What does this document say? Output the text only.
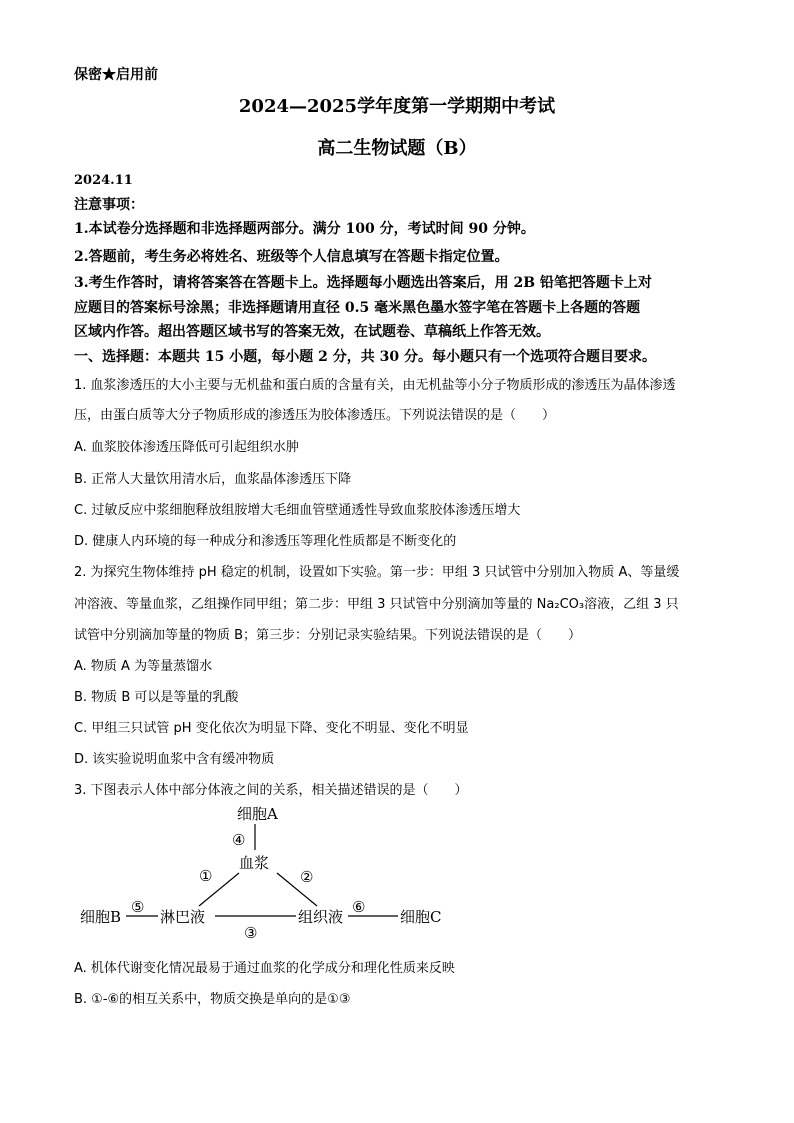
保密★启用前
2024—2025学年度第一学期期中考试
高二生物试题（B）
2024.11
注意事项：
1.本试卷分选择题和非选择题两部分。满分 100 分，考试时间 90 分钟。
2.答题前，考生务必将姓名、班级等个人信息填写在答题卡指定位置。
3.考生作答时，请将答案答在答题卡上。选择题每小题选出答案后，用 2B 铅笔把答题卡上对
应题目的答案标号涂黑；非选择题请用直径 0.5 毫米黑色墨水签字笔在答题卡上各题的答题
区域内作答。超出答题区域书写的答案无效，在试题卷、草稿纸上作答无效。
一、选择题：本题共 15 小题，每小题 2 分，共 30 分。每小题只有一个选项符合题目要求。
1. 血浆渗透压的大小主要与无机盐和蛋白质的含量有关，由无机盐等小分子物质形成的渗透压为晶体渗透
压，由蛋白质等大分子物质形成的渗透压为胶体渗透压。下列说法错误的是（　　）
A. 血浆胶体渗透压降低可引起组织水肿
B. 正常人大量饮用清水后，血浆晶体渗透压下降
C. 过敏反应中浆细胞释放组胺增大毛细血管壁通透性导致血浆胶体渗透压增大
D. 健康人内环境的每一种成分和渗透压等理化性质都是不断变化的
2. 为探究生物体维持 pH 稳定的机制，设置如下实验。第一步：甲组 3 只试管中分别加入物质 A、等量缓
冲溶液、等量血浆，乙组操作同甲组；第二步：甲组 3 只试管中分别滴加等量的 Na₂CO₃溶液，乙组 3 只
试管中分别滴加等量的物质 B；第三步：分别记录实验结果。下列说法错误的是（　　）
A. 物质 A 为等量蒸馏水
B. 物质 B 可以是等量的乳酸
C. 甲组三只试管 pH 变化依次为明显下降、变化不明显、变化不明显
D. 该实验说明血浆中含有缓冲物质
3. 下图表示人体中部分体液之间的关系，相关描述错误的是（　　）
细胞A
血浆
细胞B	淋巴液	组织液	细胞C
④
①	②
③
⑤	⑥
A. 机体代谢变化情况最易于通过血浆的化学成分和理化性质来反映
B. ①-⑥的相互关系中，物质交换是单向的是①③
